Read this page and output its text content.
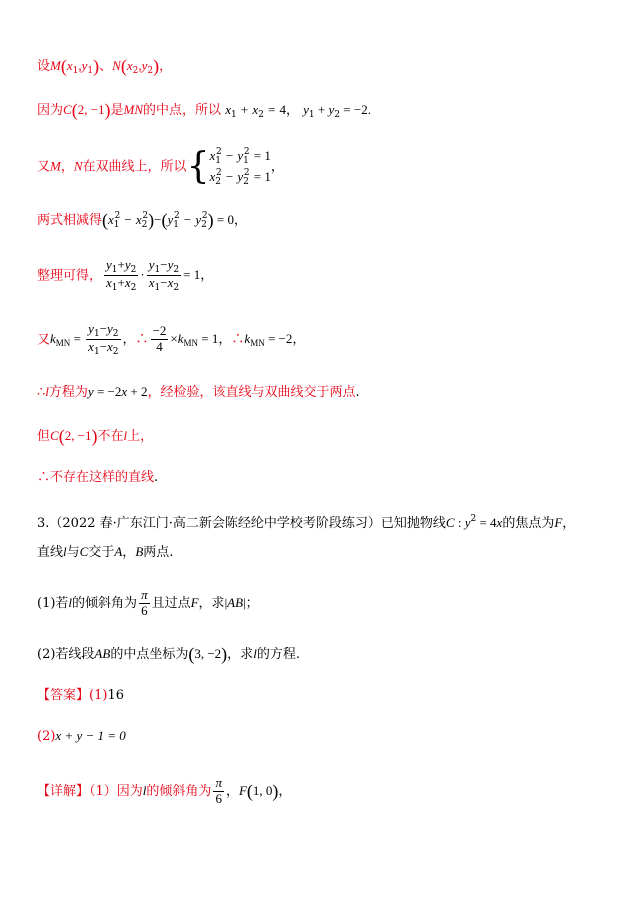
设$M(x_1,y_1)$、$N(x_2,y_2)$，
因为C(2, −1)是MN的中点，所以 $x_1 + x_2 = 4$， $y_1 + y_2 = -2$.
又M，N在双曲线上，所以{ $x_1^2 - y_1^2 = 1$
$x_2^2 - y_2^2 = 1$
，
两式相减得$(x_1^2 - x_2^2)-(y_1^2 - y_2^2) = 0$，
整理可得， $\frac{y_1+y_2}{x_1+x_2} \cdot \frac{y_1-y_2}{x_1-x_2} = 1$，
又$k_{MN} = \frac{y_1-y_2}{x_1-x_2}$ ，∴ $\frac{-2}{4} \times k_{MN} = 1$，$\therefore k_{MN} = -2$，
∴l方程为y = −2x + 2，经检验，该直线与双曲线交于两点.
但C(2, −1)不在l上，
∴不存在这样的直线.
3.（2022 春·广东江门·高二新会陈经纶中学校考阶段练习）已知抛物线C : $y^2 = 4x$的焦点为F，
直线l与C交于A，B两点.
(1)若l的倾斜角为 $\frac{\pi}{6}$ 且过点F，求|AB|；
(2)若线段AB的中点坐标为(3, −2)，求l的方程.
【答案】(1)16
(2)x + y − 1 = 0
【详解】（1）因为l的倾斜角为 $\frac{\pi}{6}$ ，F(1, 0)，
